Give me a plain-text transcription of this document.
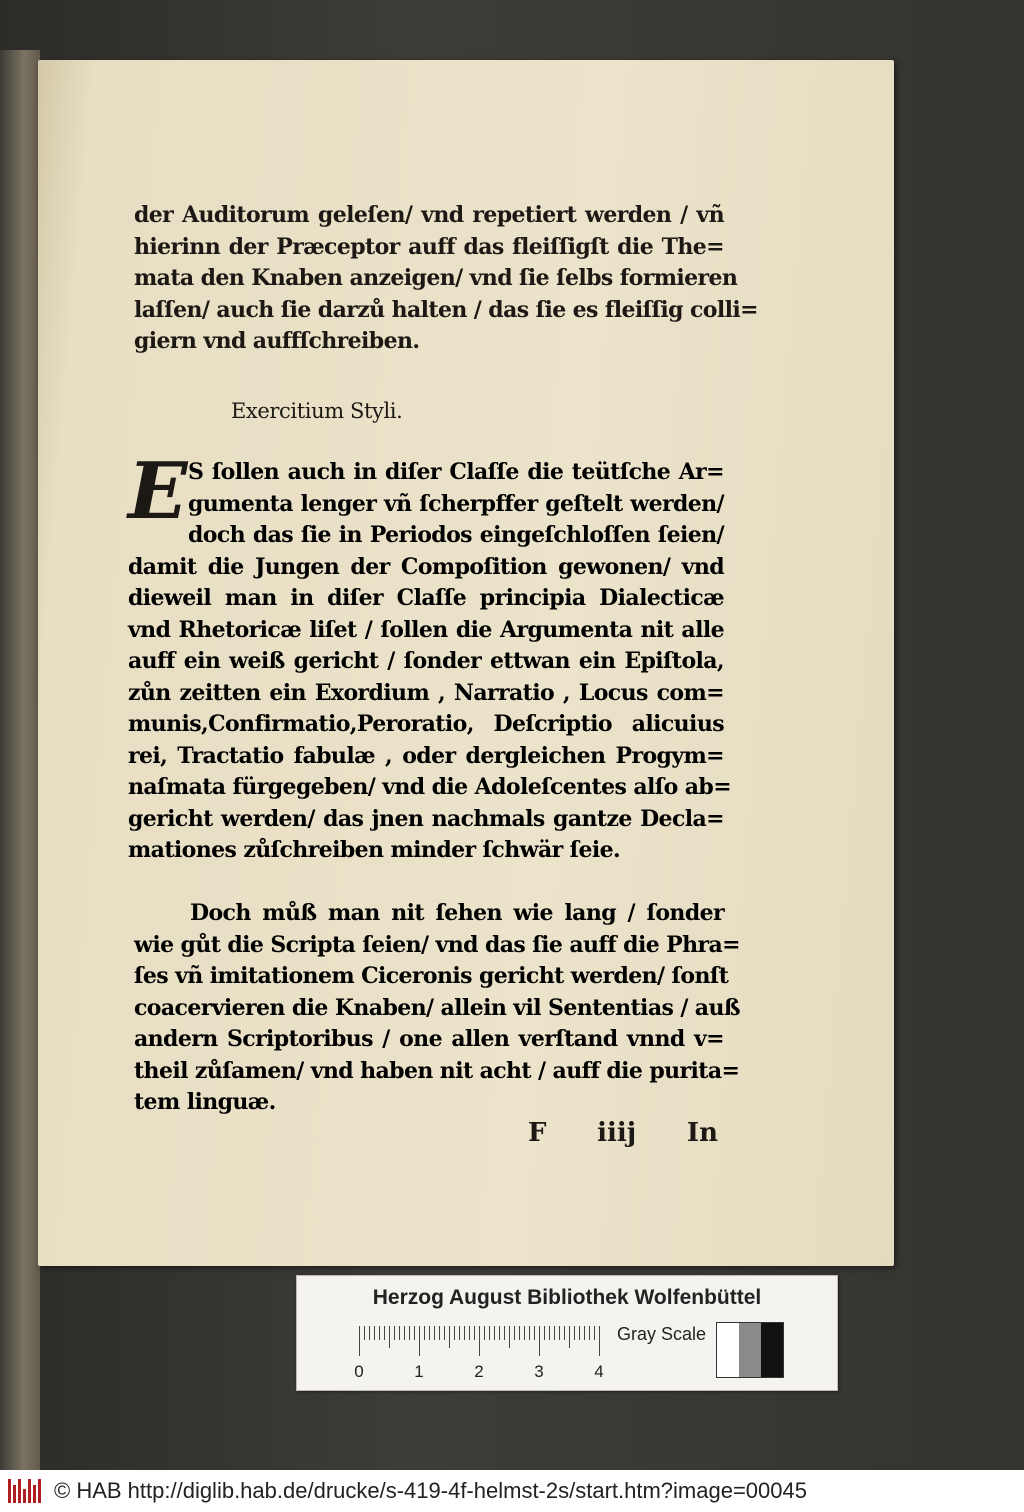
der Auditorum geleſen/ vnd repetiert werden / vñ
hierinn der Præceptor auff das fleiſſigſt die The=
mata den Knaben anzeigen/ vnd ſie ſelbs formieren
laſſen/ auch ſie darzů halten / das ſie es fleiſſig colli=
giern vnd auffſchreiben.
Exercitium Styli.
E S ſollen auch in diſer Claſſe die teütſche Ar=
gumenta lenger vñ ſcherpffer geſtelt werden/
doch das ſie in Periodos eingeſchloſſen ſeien/
damit die Jungen der Compoſition gewonen/ vnd
dieweil man in diſer Claſſe principia Dialecticæ
vnd Rhetoricæ liſet / ſollen die Argumenta nit alle
auff ein weiß gericht / ſonder ettwan ein Epiſtola,
zůn zeitten ein Exordium , Narratio , Locus com=
munis,Confirmatio,Peroratio, Deſcriptio alicuius
rei, Tractatio fabulæ , oder dergleichen Progym=
naſmata fürgegeben/ vnd die Adoleſcentes alſo ab=
gericht werden/ das jnen nachmals gantze Decla=
mationes zůſchreiben minder ſchwär ſeie.
Doch můß man nit ſehen wie lang / ſonder
wie gůt die Scripta ſeien/ vnd das ſie auff die Phra=
ſes vñ imitationem Ciceronis gericht werden/ ſonſt
coacervieren die Knaben/ allein vil Sententias / auß
andern Scriptoribus / one allen verſtand vnnd v=
theil zůſamen/ vnd haben nit acht / auff die purita=
tem linguæ.
F iiij In
Herzog August Bibliothek Wolfenbüttel
0	1	2	3	4
Gray Scale
© HAB http://diglib.hab.de/drucke/s-419-4f-helmst-2s/start.htm?image=00045
